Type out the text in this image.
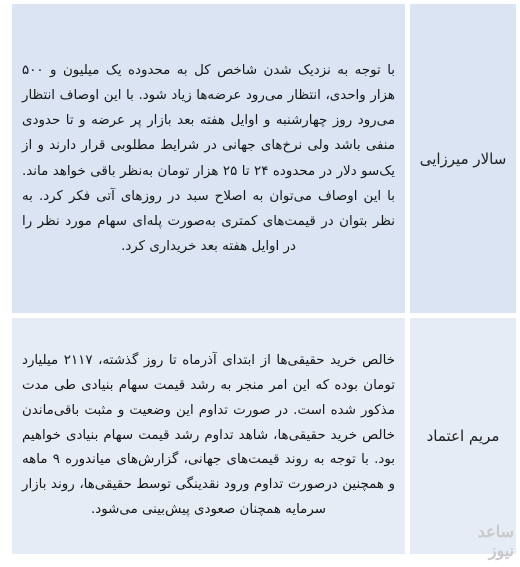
سالار میرزایی

با توجه به نزدیک شدن شاخص کل به محدوده یک میلیون و ۵۰۰ هزار واحدی، انتظار می‌رود عرضه‌ها زیاد شود. با این اوصاف انتظار می‌رود روز چهارشنبه و اوایل هفته بعد بازار پر عرضه و تا حدودی منفی باشد ولی نرخ‌های جهانی در شرایط مطلوبی قرار دارند و از یک‌سو دلار در محدوده ۲۴ تا ۲۵ هزار تومان به‌نظر باقی خواهد ماند. با این اوصاف می‌توان به اصلاح سبد در روزهای آتی فکر کرد. به نظر بتوان در قیمت‌های کمتری به‌صورت پله‌ای سهام مورد نظر را در اوایل هفته بعد خریداری کرد.

مریم اعتماد

خالص خرید حقیقی‌ها از ابتدای آذرماه تا روز گذشته، ۲۱۱۷ میلیارد تومان بوده که این امر منجر به رشد قیمت سهام بنیادی طی مدت مذکور شده است. در صورت تداوم این وضعیت و مثبت باقی‌ماندن خالص خرید حقیقی‌ها، شاهد تداوم رشد قیمت سهام بنیادی خواهیم بود. با توجه به روند قیمت‌های جهانی، گزارش‌های میاندوره ۹ ماهه و همچنین درصورت تداوم ورود نقدینگی توسط حقیقی‌ها، روند بازار سرمایه همچنان صعودی پیش‌بینی می‌شود.

ساعد نیوز
